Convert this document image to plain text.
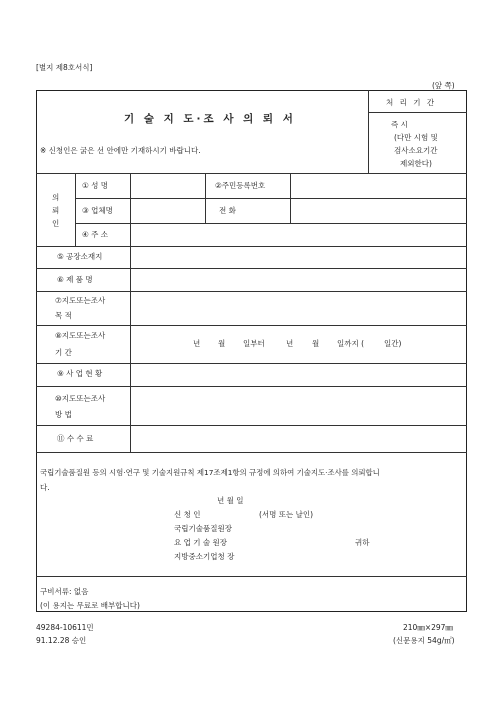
[별지 제8호서식]
(앞 쪽)
기 술 지 도·조 사 의 뢰 서
※ 신청인은 굵은 선 안에만 기재하시기 바랍니다.
처 리 기 간
즉 시
(다만 시험 및
검사소요기간
제외한다)
의
뢰
인
① 성 명	②주민등록번호
③ 업체명	전 화
④ 주 소
⑤ 공장소재지
⑥ 제 품 명
⑦지도또는조사
목 적
⑧지도또는조사
기 간
년 월 일부터	년	월 일까지 (	일간)
⑨ 사 업 현 황
⑩지도또는조사
방 법
⑪ 수 수 료
국립기술품질원 등의 시험·연구 및 기술지원규칙 제17조제1항의 규정에 의하여 기술지도·조사를 의뢰합니
다.
년 월 일
신 청 인	(서명 또는 날인)
국립기술품질원장
요 업 기 술 원장	귀하
지방중소기업청 장
구비서류: 없음
(이 용지는 무료로 배부합니다)
49284-10611민
91.12.28 승인
210㎜×297㎜
(신문용지 54g/㎡)
